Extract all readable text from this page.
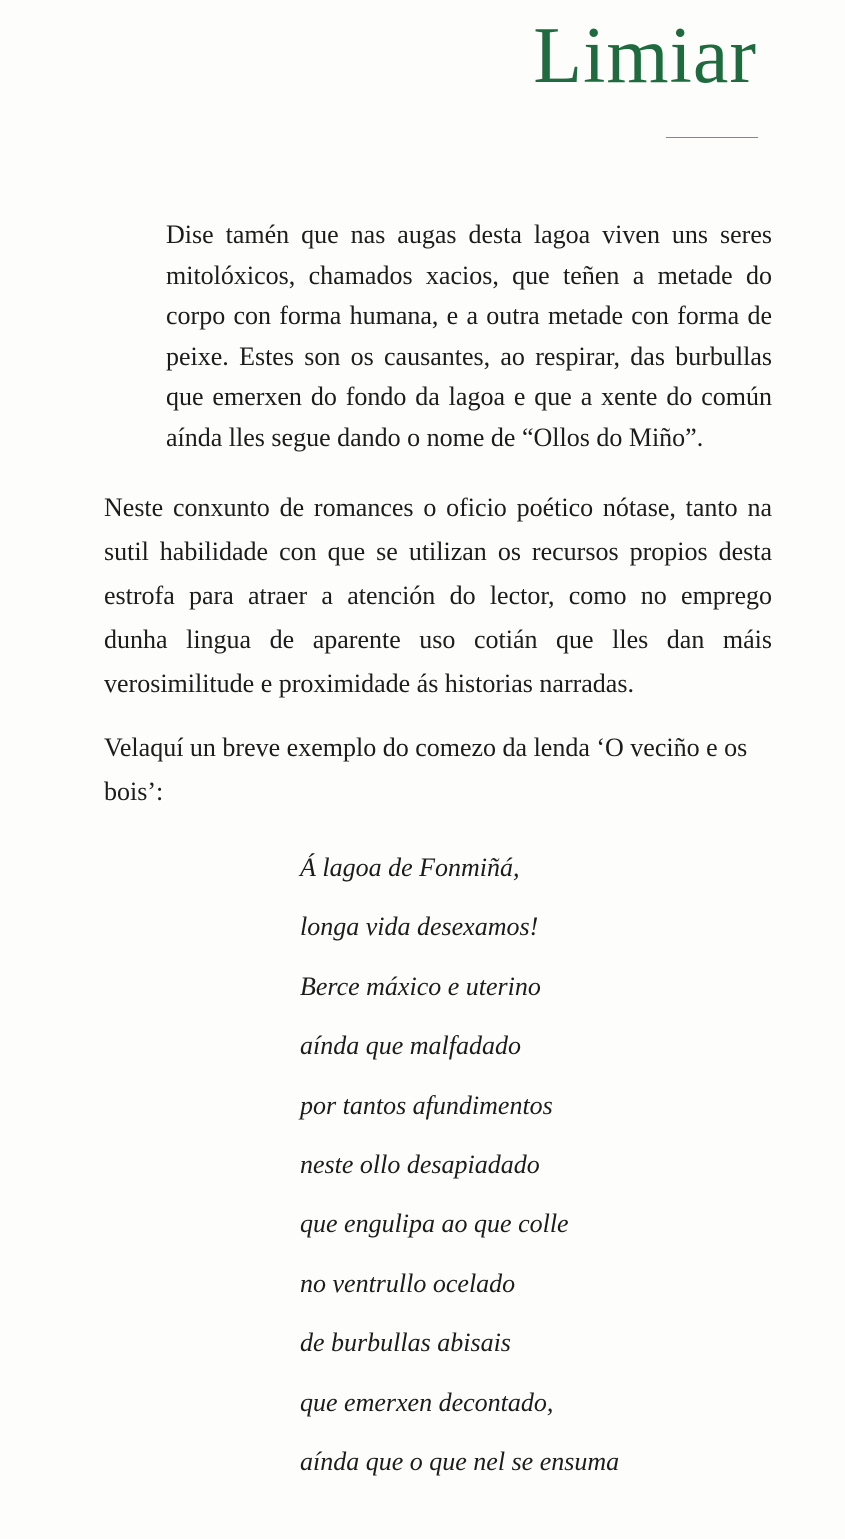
Limiar

Dise tamén que nas augas desta lagoa viven uns seres mitolóxicos, chamados xacios, que teñen a metade do corpo con forma humana, e a outra metade con forma de peixe. Estes son os causantes, ao respirar, das burbullas que emerxen do fondo da lagoa e que a xente do común aínda lles segue dando o nome de “Ollos do Miño”.

Neste conxunto de romances o oficio poético nótase, tanto na sutil habilidade con que se utilizan os recursos propios desta estrofa para atraer a atención do lector, como no emprego dunha lingua de aparente uso cotián que lles dan máis verosimilitude e proximidade ás historias narradas.

Velaquí un breve exemplo do comezo da lenda ‘O veciño e os bois’:

Á lagoa de Fonmiñá,
longa vida desexamos!
Berce máxico e uterino
aínda que malfadado
por tantos afundimentos
neste ollo desapiadado
que engulipa ao que colle
no ventrullo ocelado
de burbullas abisais
que emerxen decontado,
aínda que o que nel se ensuma
